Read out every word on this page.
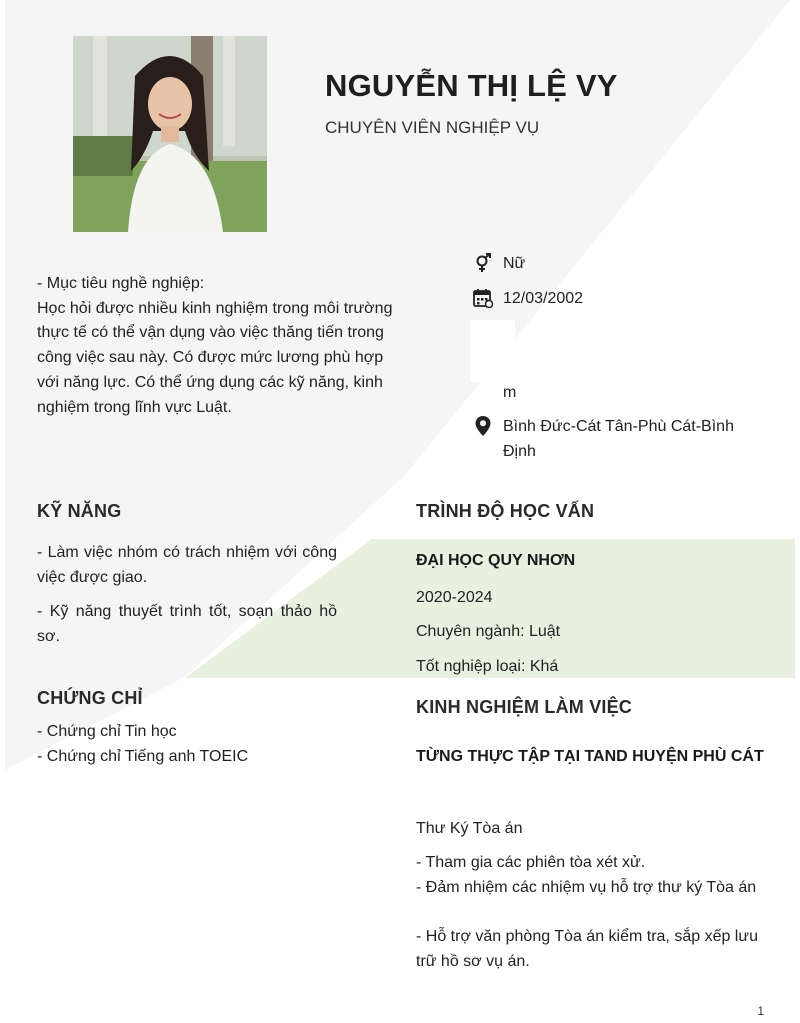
NGUYỄN THỊ LỆ VY
CHUYÊN VIÊN NGHIỆP VỤ

- Mục tiêu nghề nghiệp:

Học hỏi được nhiều kinh nghiệm trong môi trường thực tế có thể vận dụng vào việc thăng tiến trong công việc sau này. Có được mức lương phù hợp với năng lực. Có thể ứng dụng các kỹ năng, kinh nghiệm trong lĩnh vực Luật.

Nữ
12/03/2002
m
Bình Đức-Cát Tân-Phù Cát-Bình Định
KỸ NĂNG
- Làm việc nhóm có trách nhiệm với công việc được giao.
- Kỹ năng thuyết trình tốt, soạn thảo hồ sơ.
CHỨNG CHỈ
- Chứng chỉ Tin học
- Chứng chỉ Tiếng anh TOEIC
TRÌNH ĐỘ HỌC VẤN
ĐẠI HỌC QUY NHƠN
2020-2024
Chuyên ngành: Luật
Tốt nghiệp loại: Khá
KINH NGHIỆM LÀM VIỆC
TỪNG THỰC TẬP TẠI TAND HUYỆN PHÙ CÁT
Thư Ký Tòa án
- Tham gia các phiên tòa xét xử.
- Đảm nhiệm các nhiệm vụ hỗ trợ thư ký Tòa án
- Hỗ trợ văn phòng Tòa án kiểm tra, sắp xếp lưu trữ hồ sơ vụ án.
1
